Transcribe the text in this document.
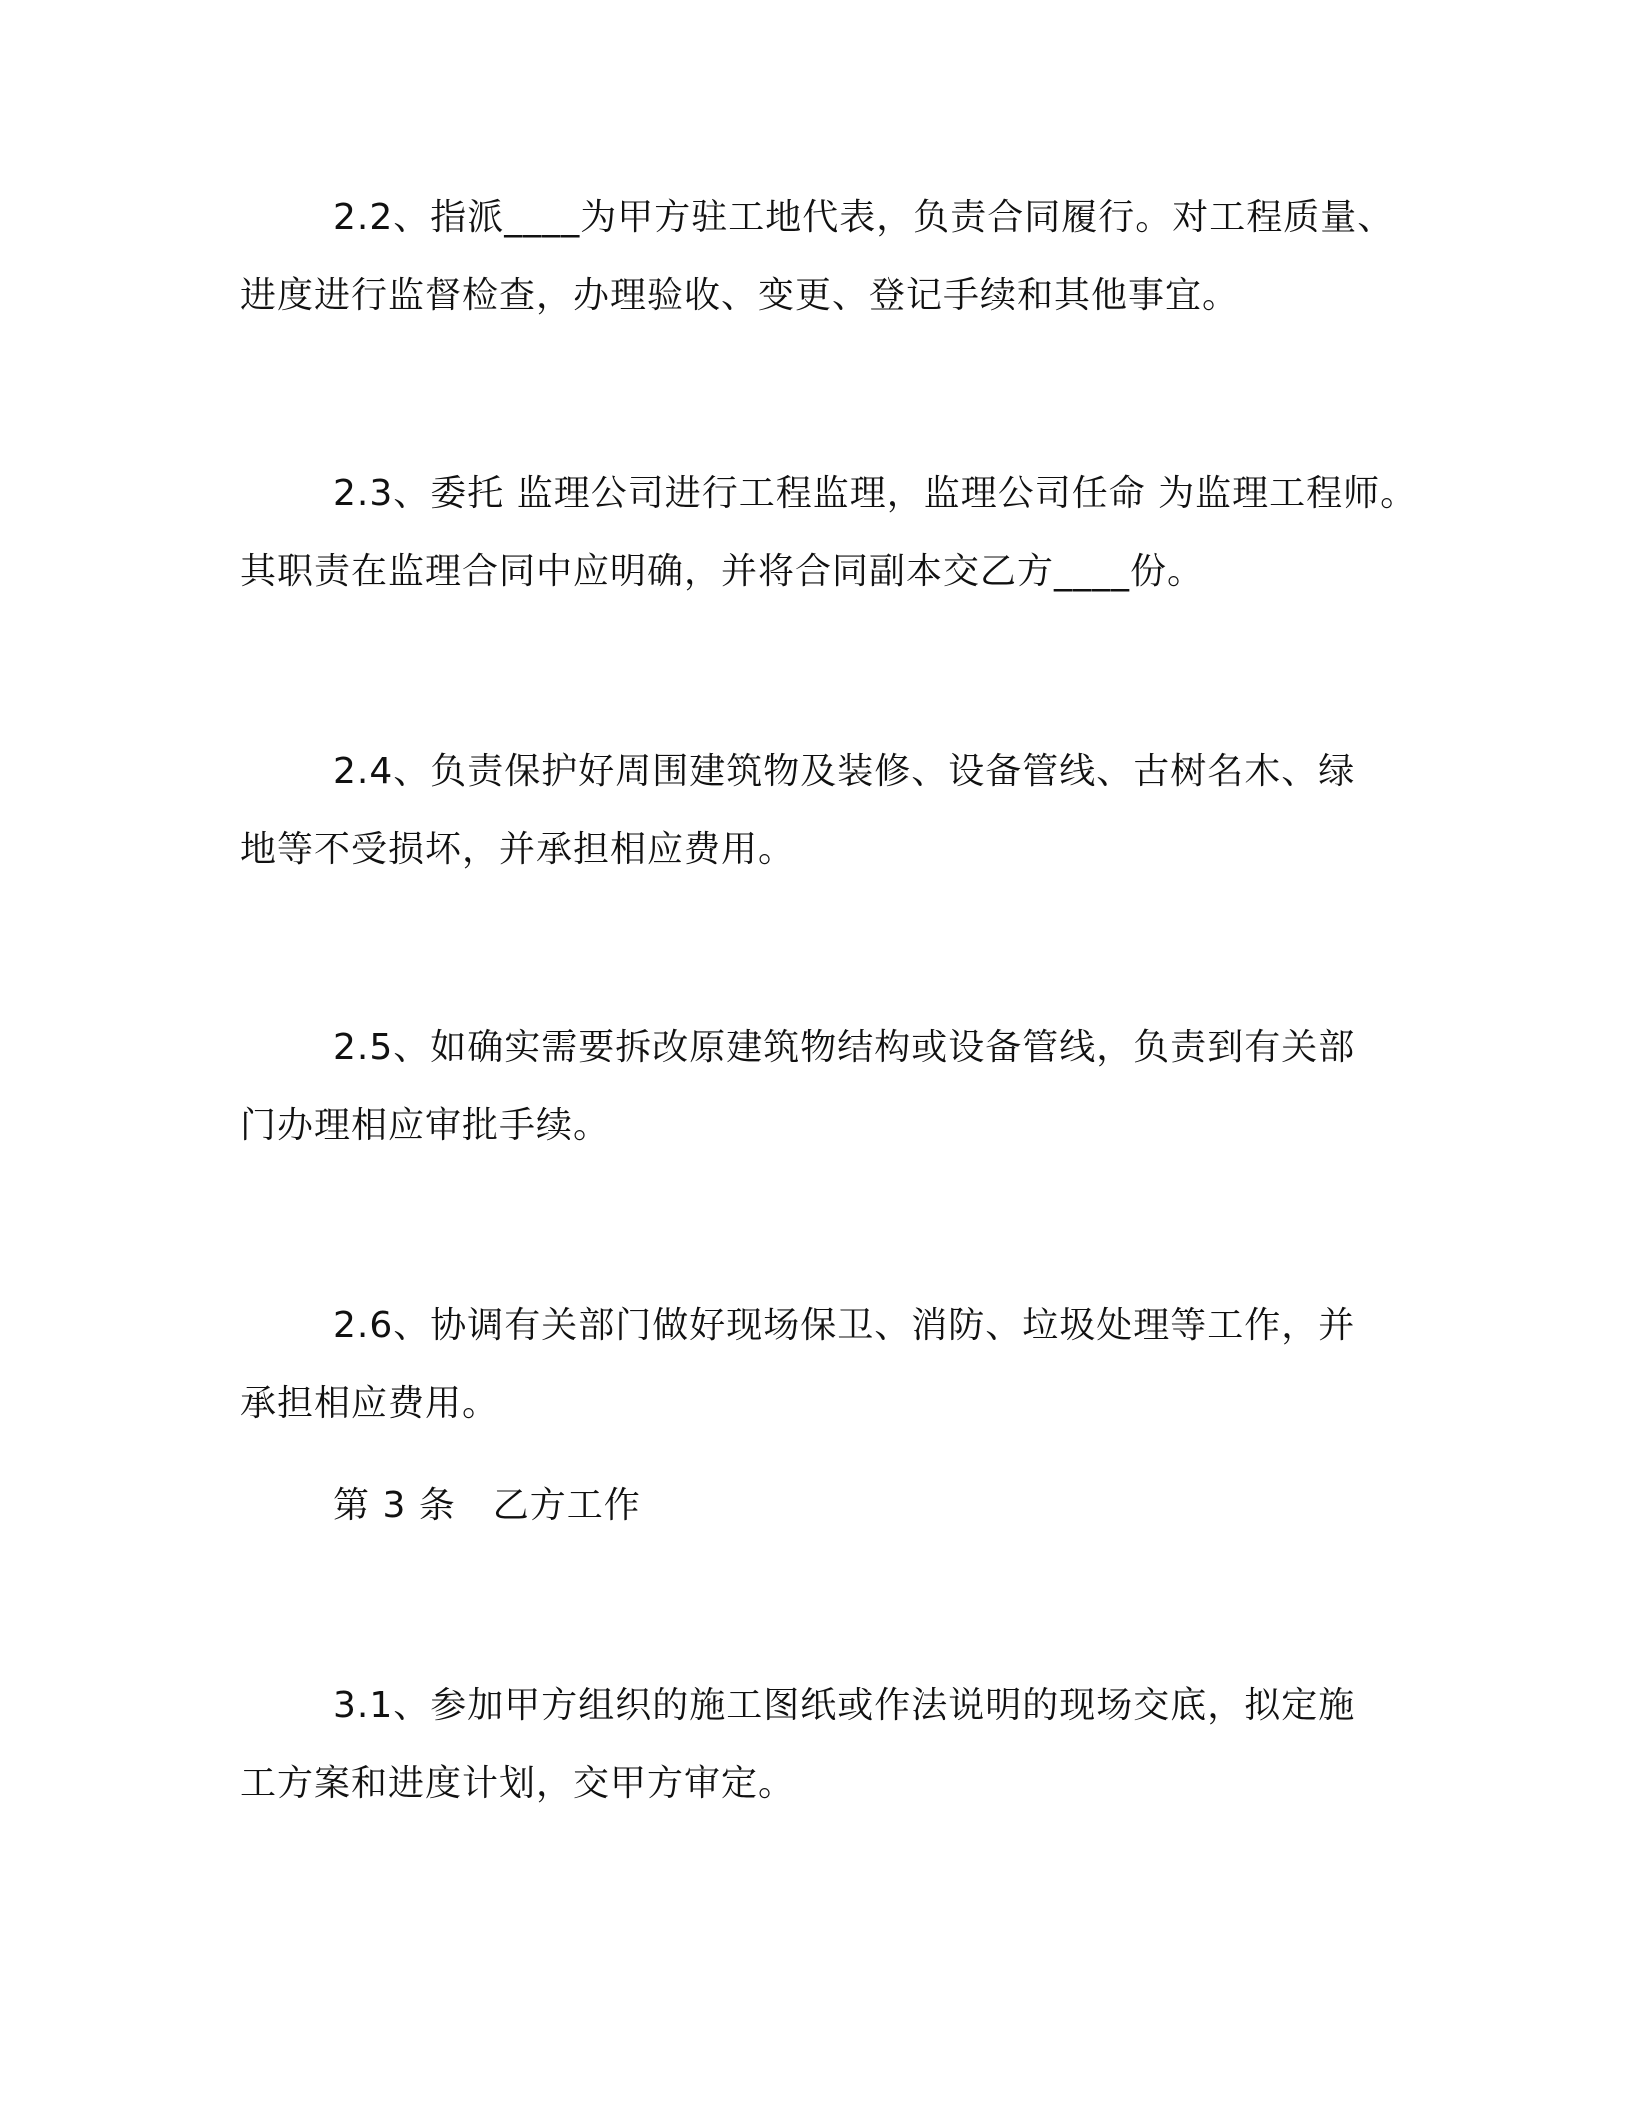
2.2、指派____为甲方驻工地代表，负责合同履行。对工程质量、
进度进行监督检查，办理验收、变更、登记手续和其他事宜。
2.3、委托 监理公司进行工程监理，监理公司任命 为监理工程师。
其职责在监理合同中应明确，并将合同副本交乙方____份。
2.4、负责保护好周围建筑物及装修、设备管线、古树名木、绿
地等不受损坏，并承担相应费用。
2.5、如确实需要拆改原建筑物结构或设备管线，负责到有关部
门办理相应审批手续。
2.6、协调有关部门做好现场保卫、消防、垃圾处理等工作，并
承担相应费用。
第 3 条　乙方工作
3.1、参加甲方组织的施工图纸或作法说明的现场交底，拟定施
工方案和进度计划，交甲方审定。
